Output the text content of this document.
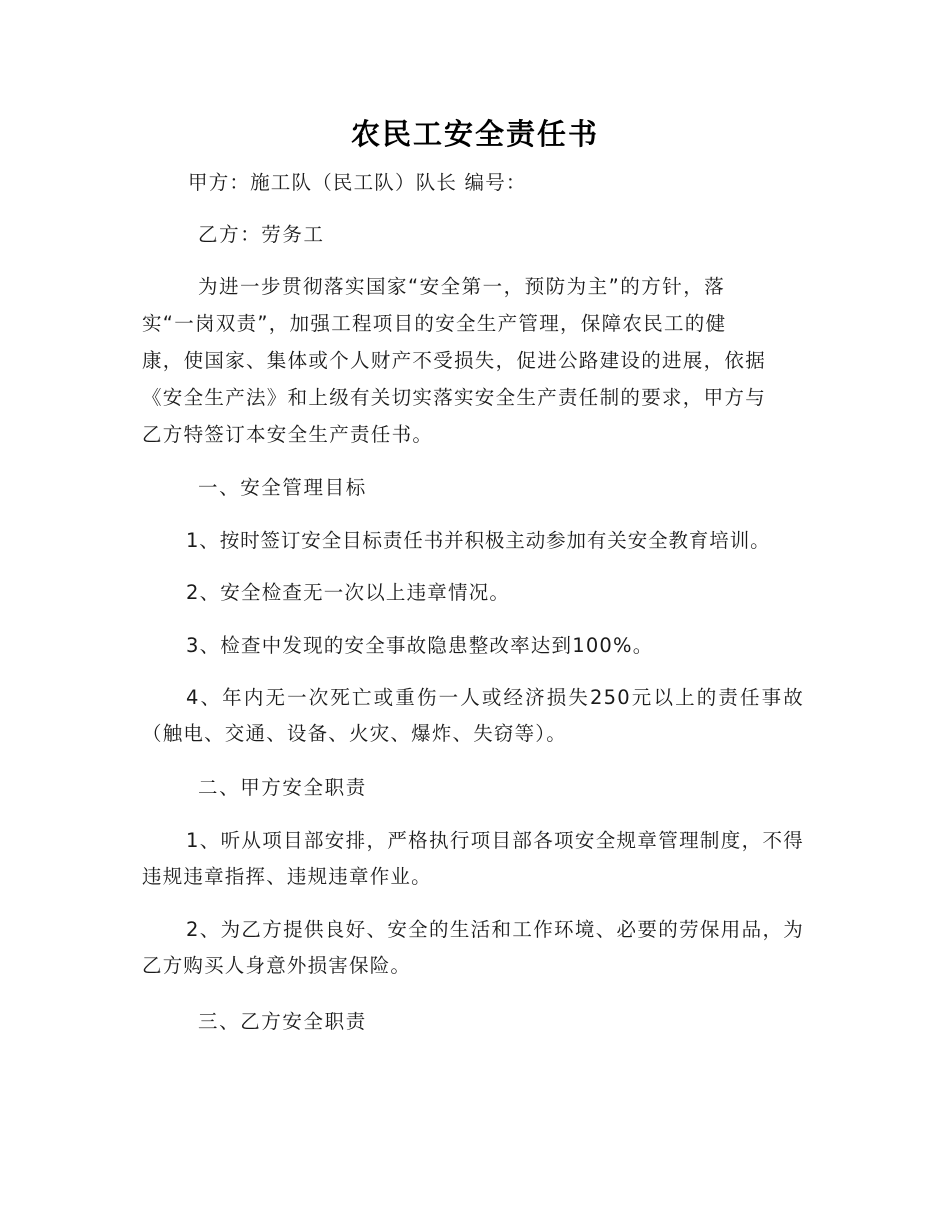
农民工安全责任书

甲方：施工队（民工队）队长 编号：

乙方：劳务工

为进一步贯彻落实国家“安全第一，预防为主”的方针，落

实“一岗双责”，加强工程项目的安全生产管理，保障农民工的健

康，使国家、集体或个人财产不受损失，促进公路建设的进展，依据

《安全生产法》和上级有关切实落实安全生产责任制的要求，甲方与

乙方特签订本安全生产责任书。

一、安全管理目标

1、按时签订安全目标责任书并积极主动参加有关安全教育培训。

2、安全检查无一次以上违章情况。

3、检查中发现的安全事故隐患整改率达到100%。

4、年内无一次死亡或重伤一人或经济损失250元以上的责任事故（触电、交通、设备、火灾、爆炸、失窃等）。

二、甲方安全职责

1、听从项目部安排，严格执行项目部各项安全规章管理制度，不得违规违章指挥、违规违章作业。

2、为乙方提供良好、安全的生活和工作环境、必要的劳保用品，为乙方购买人身意外损害保险。

三、乙方安全职责
